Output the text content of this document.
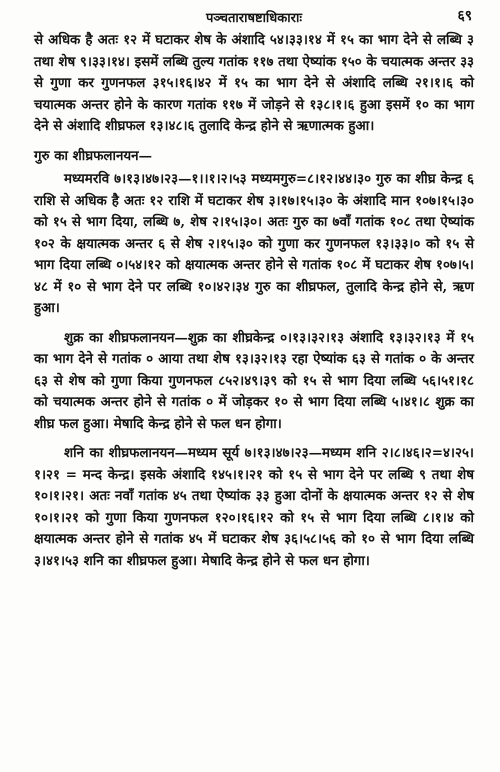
पञ्चताराषष्टाधिकाराः	६९

से अधिक है अतः १२ में घटाकर शेष के अंशादि ५४।३३।१४ में १५ का भाग देने से लब्धि ३ तथा शेष ९।३३।१४। इसमें लब्धि तुल्य गतांक ११७ तथा ऐष्यांक १५० के चयात्मक अन्तर ३३ से गुणा कर गुणनफल ३१५।१६।४२ में १५ का भाग देने से अंशादि लब्धि २१।१।६ को चयात्मक अन्तर होने के कारण गतांक ११७ में जोड़ने से १३८।१।६ हुआ इसमें १० का भाग देने से अंशादि शीघ्रफल १३।४८।६ तुलादि केन्द्र होने से ऋणात्मक हुआ।

गुरु का शीघ्रफलानयन—

मध्यमरवि ७।१३।४७।२३—१।।१।२।५३ मध्यमगुरु=८।१२।४४।३० गुरु का शीघ्र केन्द्र ६ राशि से अधिक है अतः १२ राशि में घटाकर शेष ३।१७।१५।३० के अंशादि मान १०७।१५।३० को १५ से भाग दिया, लब्धि ७, शेष २।१५।३०। अतः गुरु का ७वाँ गतांक १०८ तथा ऐष्यांक १०२ के क्षयात्मक अन्तर ६ से शेष २।१५।३० को गुणा कर गुणनफल १३।३३।० को १५ से भाग दिया लब्धि ०।५४।१२ को क्षयात्मक अन्तर होने से गतांक १०८ में घटाकर शेष १०७।५।४८ में १० से भाग देने पर लब्धि १०।४२।३४ गुरु का शीघ्रफल, तुलादि केन्द्र होने से, ऋण हुआ।

शुक्र का शीघ्रफलानयन—शुक्र का शीघ्रकेन्द्र ०।१३।३२।१३ अंशादि १३।३२।१३ में १५ का भाग देने से गतांक ० आया तथा शेष १३।३२।१३ रहा ऐष्यांक ६३ से गतांक ० के अन्तर ६३ से शेष को गुणा किया गुणनफल ८५२।४९।३९ को १५ से भाग दिया लब्धि ५६।५१।१८ को चयात्मक अन्तर होने से गतांक ० में जोड़कर १० से भाग दिया लब्धि ५।४१।८ शुक्र का शीघ्र फल हुआ। मेषादि केन्द्र होने से फल धन होगा।

शनि का शीघ्रफलानयन—मध्यम सूर्य ७।१३।४७।२३—मध्यम शनि २।८।४६।२=४।२५।१।२१ = मन्द केन्द्र। इसके अंशादि १४५।१।२१ को १५ से भाग देने पर लब्धि ९ तथा शेष १०।१।२१। अतः नवाँ गतांक ४५ तथा ऐष्यांक ३३ हुआ दोनों के क्षयात्मक अन्तर १२ से शेष १०।१।२१ को गुणा किया गुणनफल १२०।१६।१२ को १५ से भाग दिया लब्धि ८।१।४ को क्षयात्मक अन्तर होने से गतांक ४५ में घटाकर शेष ३६।५८।५६ को १० से भाग दिया लब्धि ३।४१।५३ शनि का शीघ्रफल हुआ। मेषादि केन्द्र होने से फल धन होगा।
